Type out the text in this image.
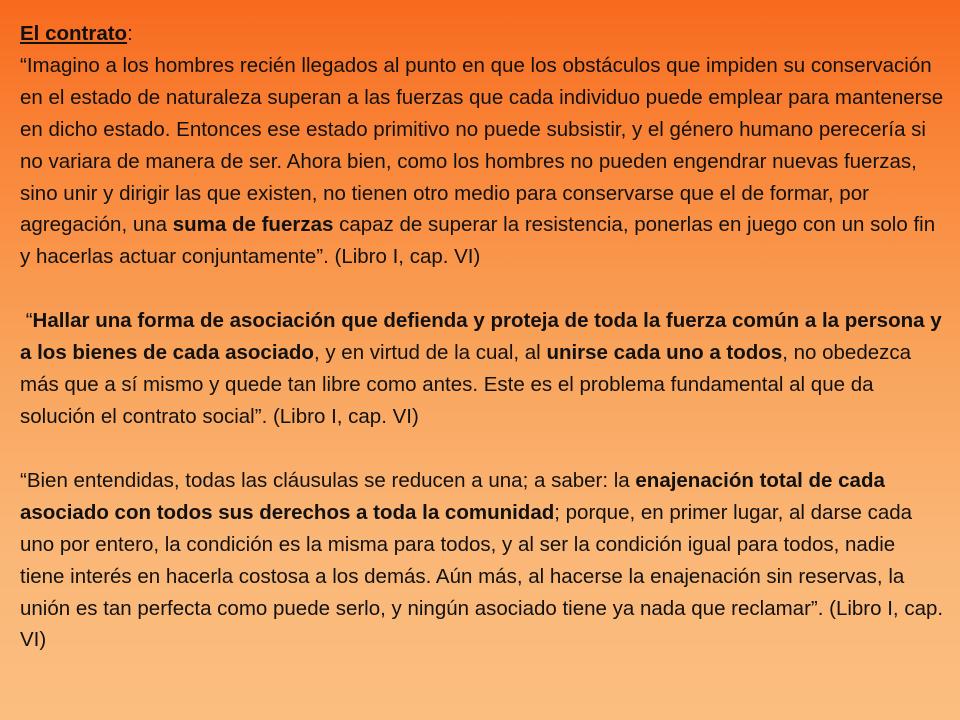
El contrato:

“Imagino a los hombres recién llegados al punto en que los obstáculos que impiden su conservación en el estado de naturaleza superan a las fuerzas que cada individuo puede emplear para mantenerse en dicho estado. Entonces ese estado primitivo no puede subsistir, y el género humano perecería si no variara de manera de ser. Ahora bien, como los hombres no pueden engendrar nuevas fuerzas, sino unir y dirigir las que existen, no tienen otro medio para conservarse que el de formar, por agregación, una suma de fuerzas capaz de superar la resistencia, ponerlas en juego con un solo fin y hacerlas actuar conjuntamente”. (Libro I, cap. VI)

“Hallar una forma de asociación que defienda y proteja de toda la fuerza común a la persona y a los bienes de cada asociado, y en virtud de la cual, al unirse cada uno a todos, no obedezca más que a sí mismo y quede tan libre como antes. Este es el problema fundamental al que da solución el contrato social”. (Libro I, cap. VI)

“Bien entendidas, todas las cláusulas se reducen a una; a saber: la enajenación total de cada asociado con todos sus derechos a toda la comunidad; porque, en primer lugar, al darse cada uno por entero, la condición es la misma para todos, y al ser la condición igual para todos, nadie tiene interés en hacerla costosa a los demás. Aún más, al hacerse la enajenación sin reservas, la unión es tan perfecta como puede serlo, y ningún asociado tiene ya nada que reclamar”. (Libro I, cap. VI)
